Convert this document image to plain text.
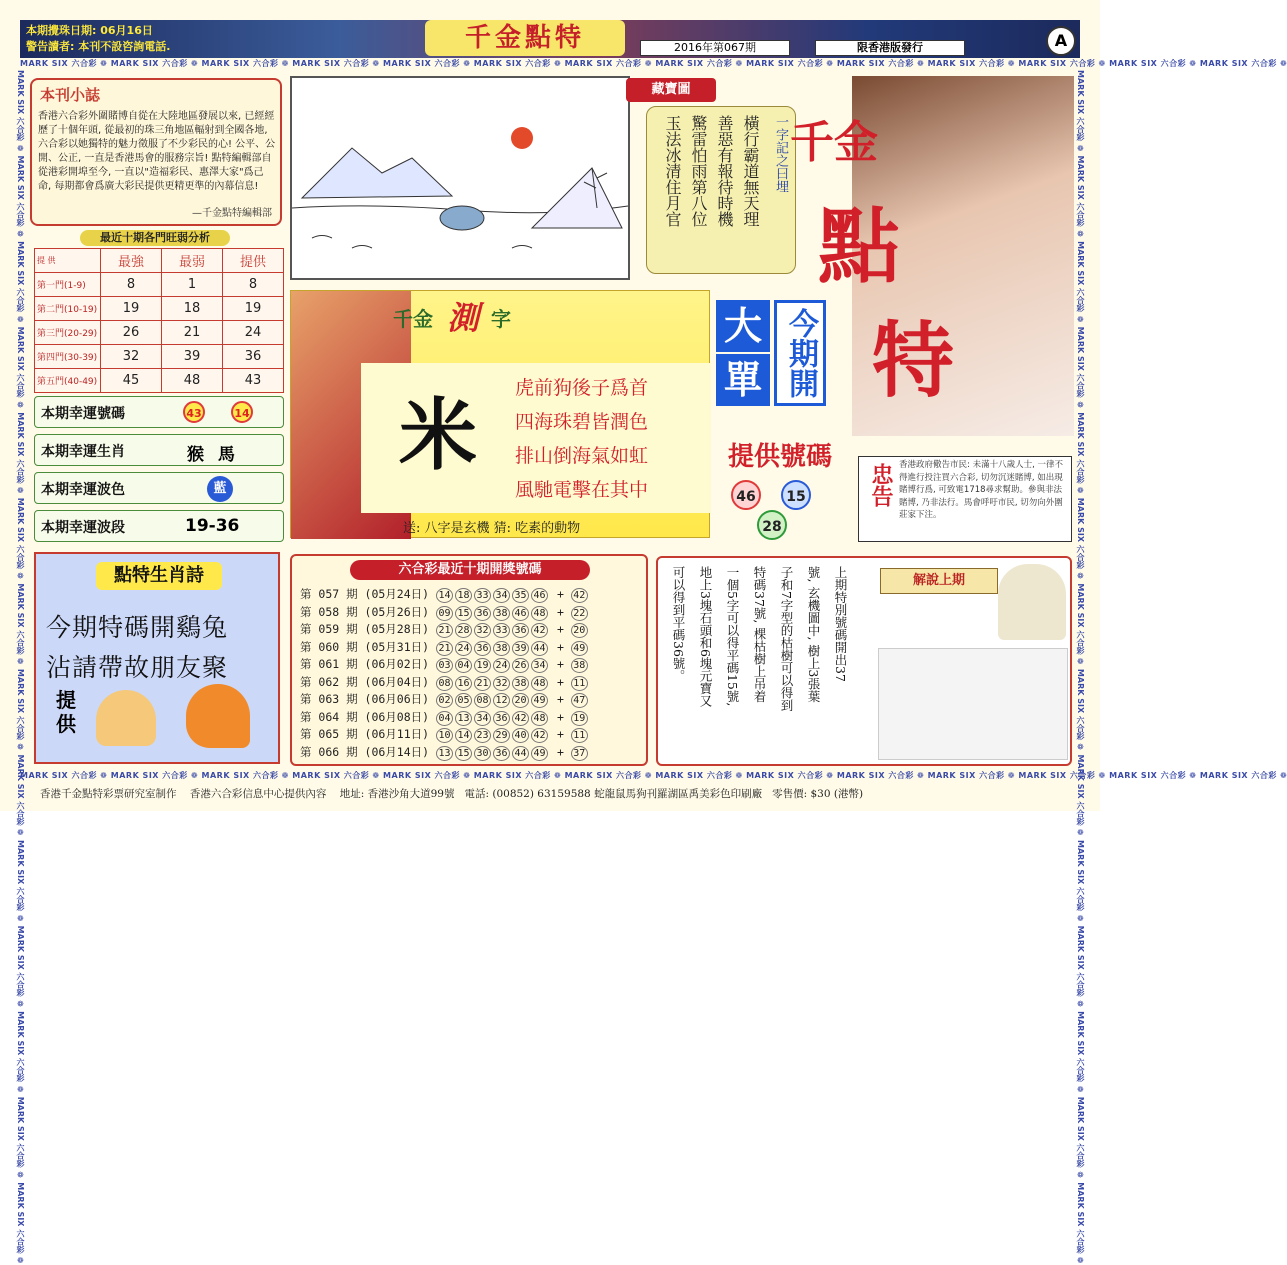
MARK SIX 六合彩 ❁ MARK SIX 六合彩 ❁ MARK SIX 六合彩 ❁ MARK SIX 六合彩 ❁ MARK SIX 六合彩 ❁ MARK SIX 六合彩 ❁ MARK SIX 六合彩 ❁ MARK SIX 六合彩 ❁ MARK SIX 六合彩 ❁ MARK SIX 六合彩 ❁ MARK SIX 六合彩 ❁ MARK SIX 六合彩 ❁ MARK SIX 六合彩 ❁ MARK SIX 六合彩 ❁
MARK SIX 六合彩 ❁ MARK SIX 六合彩 ❁ MARK SIX 六合彩 ❁ MARK SIX 六合彩 ❁ MARK SIX 六合彩 ❁ MARK SIX 六合彩 ❁ MARK SIX 六合彩 ❁ MARK SIX 六合彩 ❁ MARK SIX 六合彩 ❁ MARK SIX 六合彩 ❁ MARK SIX 六合彩 ❁ MARK SIX 六合彩 ❁ MARK SIX 六合彩 ❁ MARK SIX 六合彩 ❁
MARK SIX 六合彩 ❁ MARK SIX 六合彩 ❁ MARK SIX 六合彩 ❁ MARK SIX 六合彩 ❁ MARK SIX 六合彩 ❁ MARK SIX 六合彩 ❁ MARK SIX 六合彩 ❁ MARK SIX 六合彩 ❁ MARK SIX 六合彩 ❁ MARK SIX 六合彩 ❁ MARK SIX 六合彩 ❁ MARK SIX 六合彩 ❁ MARK SIX 六合彩 ❁ MARK SIX 六合彩 ❁	MARK SIX 六合彩 ❁ MARK SIX 六合彩 ❁ MARK SIX 六合彩 ❁ MARK SIX 六合彩 ❁ MARK SIX 六合彩 ❁ MARK SIX 六合彩 ❁ MARK SIX 六合彩 ❁ MARK SIX 六合彩 ❁ MARK SIX 六合彩 ❁ MARK SIX 六合彩 ❁ MARK SIX 六合彩 ❁ MARK SIX 六合彩 ❁ MARK SIX 六合彩 ❁ MARK SIX 六合彩 ❁
本期攪珠日期: 06月16日
警告讀者: 本刊不設咨詢電話.	千金點特	2016年第067期	限香港版發行	A
本刊小誌
香港六合彩外圍賭博自從在大陸地區發展以來, 已經經歷了十個年頭, 從最初的珠三角地區輻射到全國各地, 六合彩以她獨特的魅力徵服了不少彩民的心! 公平、公開、公正, 一直是香港馬會的服務宗旨! 點特編輯部自從港彩開埠至今, 一直以"造福彩民、惠澤大家"爲己命, 每期都會爲廣大彩民提供更精更準的內幕信息!
—千金點特編輯部
最近十期各門旺弱分析
提 供	最強	最弱	提供
第一門(1-9)	8	1	8
第二門(10-19)	19	18	19
第三門(20-29)	26	21	24
第四門(30-39)	32	39	36
第五門(40-49)	45	48	43
本期幸運號碼	43	14
本期幸運生肖	猴 馬
本期幸運波色	藍
本期幸運波段	19-36
藏寶圖
一字記之曰埋
橫行霸道無天理
善惡有報待時機
驚雷怕雨第八位
玉法冰清住月官
千金 測 字
米
虎前狗後子爲首
四海珠碧皆潤色
排山倒海氣如虹
風馳電擊在其中
送: 八字是玄機 猜: 吃素的動物
千金
點
特
大
單 今期開
提供號碼
46	15
28
忠告 香港政府儆告市民: 未滿十八歲人士, 一律不得進行投注買六合彩, 切勿沉迷賭博, 如出現賭博行爲, 可致電1718尋求幫助。參與非法賭博, 乃非法行。馬會呼吁市民, 切勿向外圍莊家下注。
點特生肖詩
今期特碼開鷄兔
沾請帶故朋友聚
提供
六合彩最近十期開獎號碼
第 057 期 (05月24日) 14 18 33 34 35 46 + 42
第 058 期 (05月26日) 09 15 36 38 46 48 + 22
第 059 期 (05月28日) 21 28 32 33 36 42 + 20
第 060 期 (05月31日) 21 24 36 38 39 44 + 49
第 061 期 (06月02日) 03 04 19 24 26 34 + 38
第 062 期 (06月04日) 08 16 21 32 38 48 + 11
第 063 期 (06月06日) 02 05 08 12 20 49 + 47
第 064 期 (06月08日) 04 13 34 36 42 48 + 19
第 065 期 (06月11日) 10 14 23 29 40 42 + 11
第 066 期 (06月14日) 13 15 30 36 44 49 + 37
上期特別號碼開出37
號, 玄機圖中, 樹上3張葉
子和7字型的枯樹可以得到
特碼37號, 棵枯樹上吊着
一個5字可以得平碼15號,
地上3塊石頭和6塊元寶又
可以得到平碼36號。	解說上期
香港千金點特彩票研究室制作 香港六合彩信息中心提供內容 地址: 香港沙角大道99號 電話: (00852) 63159588 蛇龍鼠馬狗刊羅湖區禹美彩色印刷廠 零售價: $30 (港幣)
